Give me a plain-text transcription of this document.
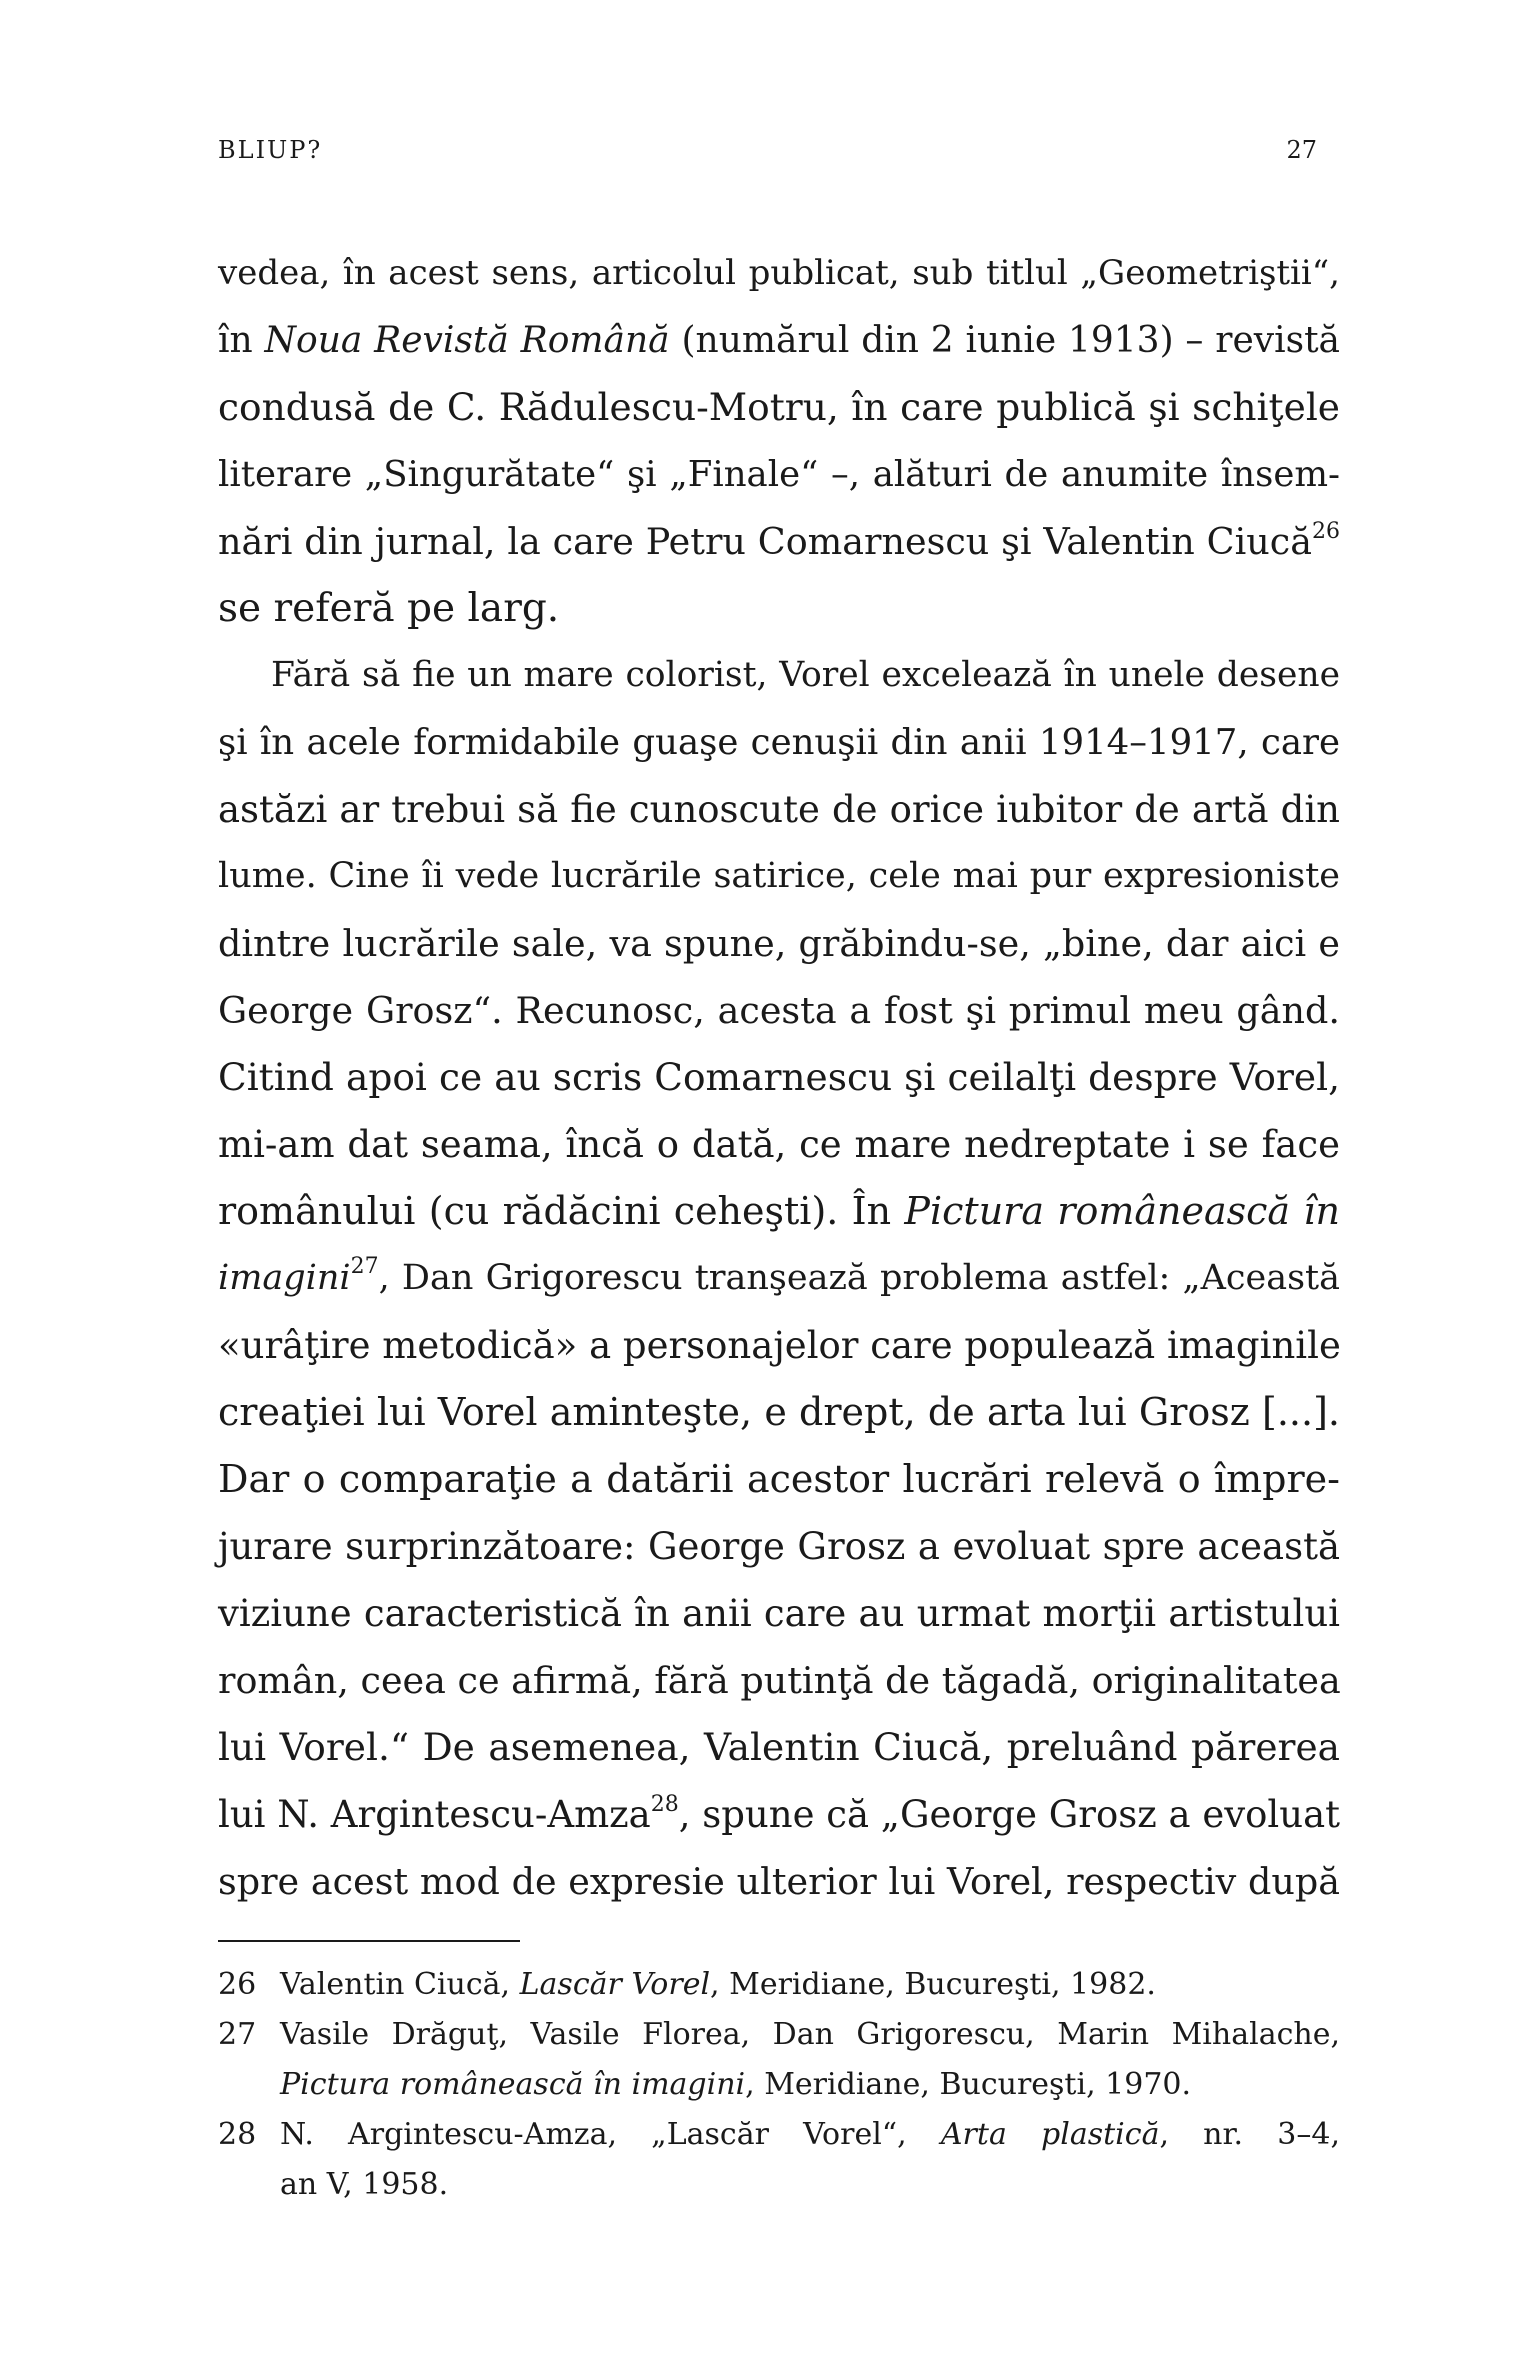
BLIUP?	27
vedea, în acest sens, articolul publicat, sub titlul „Geometriştii“,
în Noua Revistă Română (numărul din 2 iunie 1913) – revistă
condusă de C. Rădulescu-Motru, în care publică şi schiţele
literare „Singurătate“ şi „Finale“ –, alături de anumite însem-
nări din jurnal, la care Petru Comarnescu şi Valentin Ciucă$^{26}$
se referă pe larg.
Fără să fie un mare colorist, Vorel excelează în unele desene
şi în acele formidabile guaşe cenuşii din anii 1914–1917, care
astăzi ar trebui să fie cunoscute de orice iubitor de artă din
lume. Cine îi vede lucrările satirice, cele mai pur expresioniste
dintre lucrările sale, va spune, grăbindu-se, „bine, dar aici e
George Grosz“. Recunosc, acesta a fost şi primul meu gând.
Citind apoi ce au scris Comarnescu şi ceilalţi despre Vorel,
mi-am dat seama, încă o dată, ce mare nedreptate i se face
românului (cu rădăcini ceheşti). În Pictura românească în
imagini$^{27}$, Dan Grigorescu tranşează problema astfel: „Această
«urâţire metodică» a personajelor care populează imaginile
creaţiei lui Vorel aminteşte, e drept, de arta lui Grosz [...].
Dar o comparaţie a datării acestor lucrări relevă o împre-
jurare surprinzătoare: George Grosz a evoluat spre această
viziune caracteristică în anii care au urmat morţii artistului
român, ceea ce afirmă, fără putinţă de tăgadă, originalitatea
lui Vorel.“ De asemenea, Valentin Ciucă, preluând părerea
lui N. Argintescu-Amza$^{28}$, spune că „George Grosz a evoluat
spre acest mod de expresie ulterior lui Vorel, respectiv după
26 Valentin Ciucă, Lascăr Vorel, Meridiane, Bucureşti, 1982.
27 Vasile Drăguţ, Vasile Florea, Dan Grigorescu, Marin Mihalache,
Pictura românească în imagini, Meridiane, Bucureşti, 1970.
28 N. Argintescu-Amza, „Lascăr Vorel“, Arta plastică, nr. 3–4,
an V, 1958.
